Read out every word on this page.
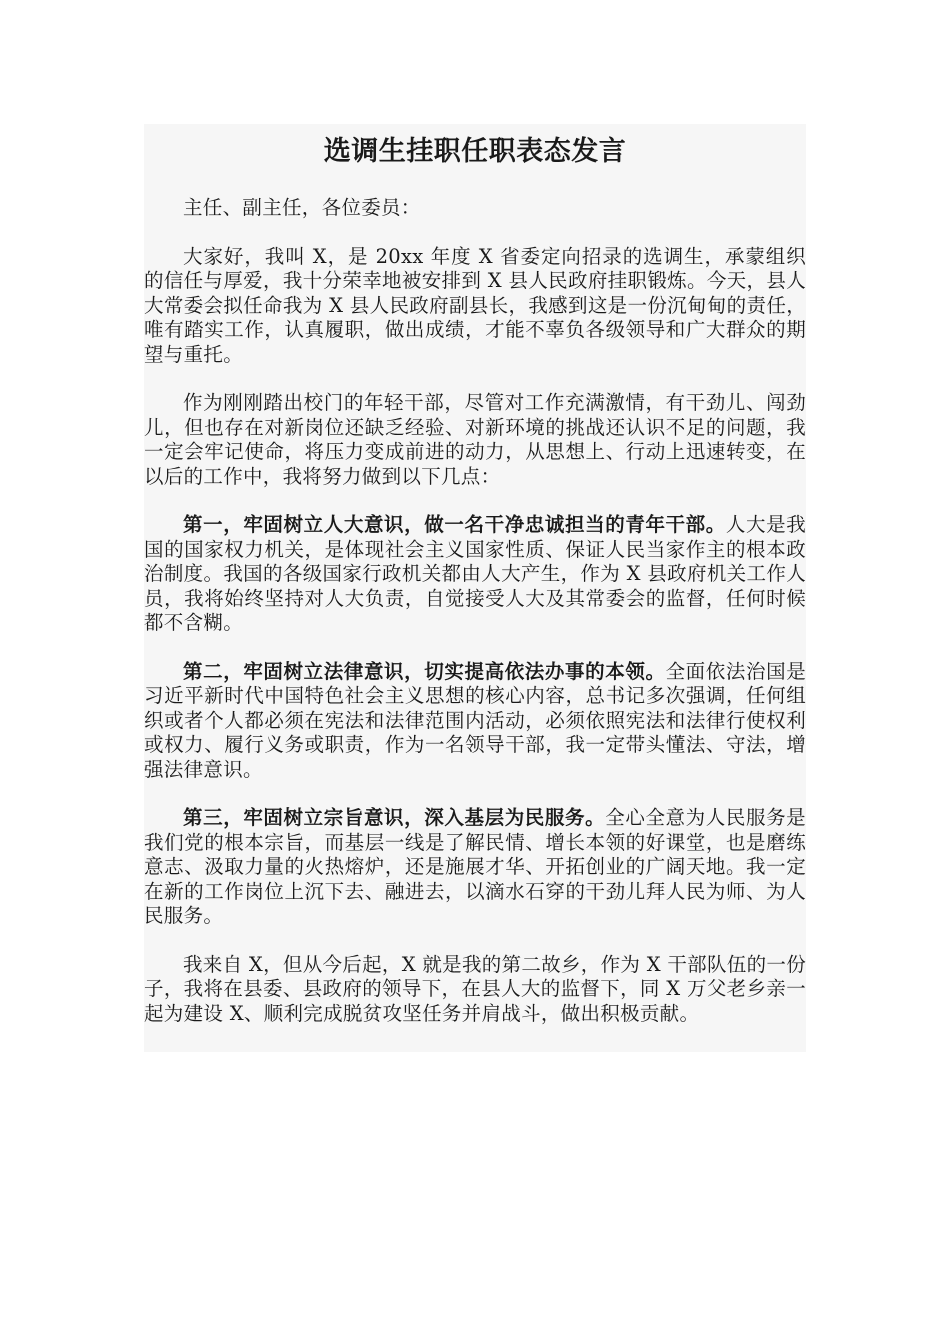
选调生挂职任职表态发言

主任、副主任，各位委员：

大家好，我叫 X，是 20xx 年度 X 省委定向招录的选调生，承蒙组织的信任与厚爱，我十分荣幸地被安排到 X 县人民政府挂职锻炼。今天，县人大常委会拟任命我为 X 县人民政府副县长，我感到这是一份沉甸甸的责任，唯有踏实工作，认真履职，做出成绩，才能不辜负各级领导和广大群众的期望与重托。

作为刚刚踏出校门的年轻干部，尽管对工作充满激情，有干劲儿、闯劲儿，但也存在对新岗位还缺乏经验、对新环境的挑战还认识不足的问题，我一定会牢记使命，将压力变成前进的动力，从思想上、行动上迅速转变，在以后的工作中，我将努力做到以下几点：

第一，牢固树立人大意识，做一名干净忠诚担当的青年干部。人大是我国的国家权力机关，是体现社会主义国家性质、保证人民当家作主的根本政治制度。我国的各级国家行政机关都由人大产生，作为 X 县政府机关工作人员，我将始终坚持对人大负责，自觉接受人大及其常委会的监督，任何时候都不含糊。

第二，牢固树立法律意识，切实提高依法办事的本领。全面依法治国是习近平新时代中国特色社会主义思想的核心内容，总书记多次强调，任何组织或者个人都必须在宪法和法律范围内活动，必须依照宪法和法律行使权利或权力、履行义务或职责，作为一名领导干部，我一定带头懂法、守法，增强法律意识。

第三，牢固树立宗旨意识，深入基层为民服务。全心全意为人民服务是我们党的根本宗旨，而基层一线是了解民情、增长本领的好课堂，也是磨练意志、汲取力量的火热熔炉，还是施展才华、开拓创业的广阔天地。我一定在新的工作岗位上沉下去、融进去，以滴水石穿的干劲儿拜人民为师、为人民服务。

我来自 X，但从今后起，X 就是我的第二故乡，作为 X 干部队伍的一份子，我将在县委、县政府的领导下，在县人大的监督下，同 X 万父老乡亲一起为建设 X、顺利完成脱贫攻坚任务并肩战斗，做出积极贡献。
